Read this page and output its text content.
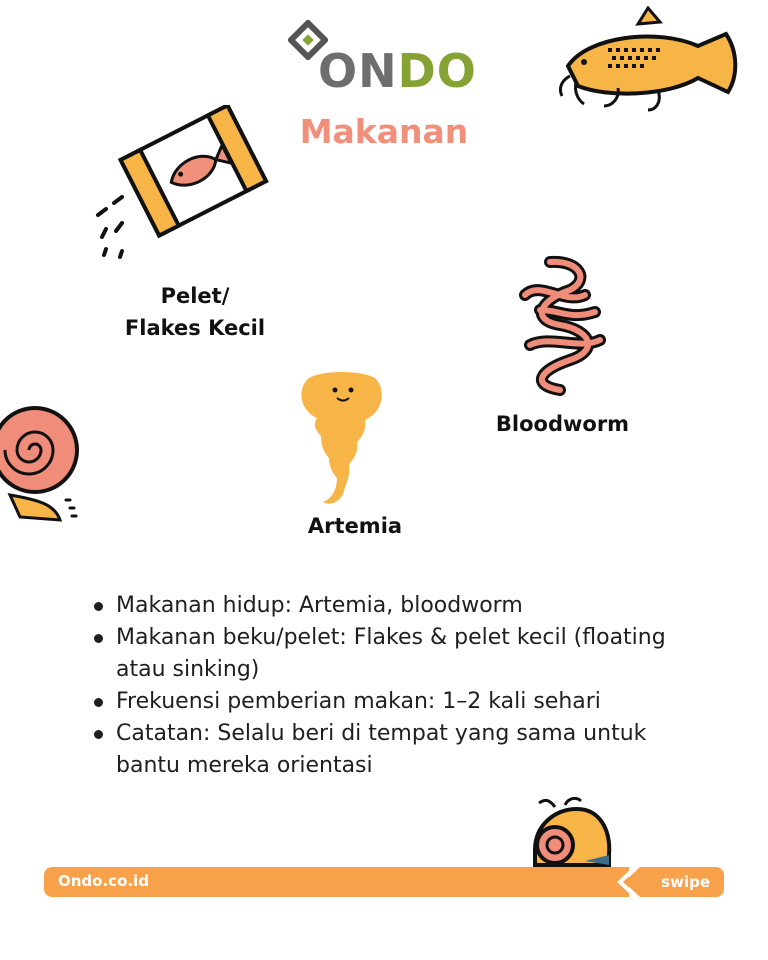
ONDO
Makanan
Pelet/
Flakes Kecil
Bloodworm
Artemia
Makanan hidup: Artemia, bloodworm
Makanan beku/pelet: Flakes & pelet kecil (floating atau sinking)
Frekuensi pemberian makan: 1–2 kali sehari
Catatan: Selalu beri di tempat yang sama untuk bantu mereka orientasi
Ondo.co.id	swipe
